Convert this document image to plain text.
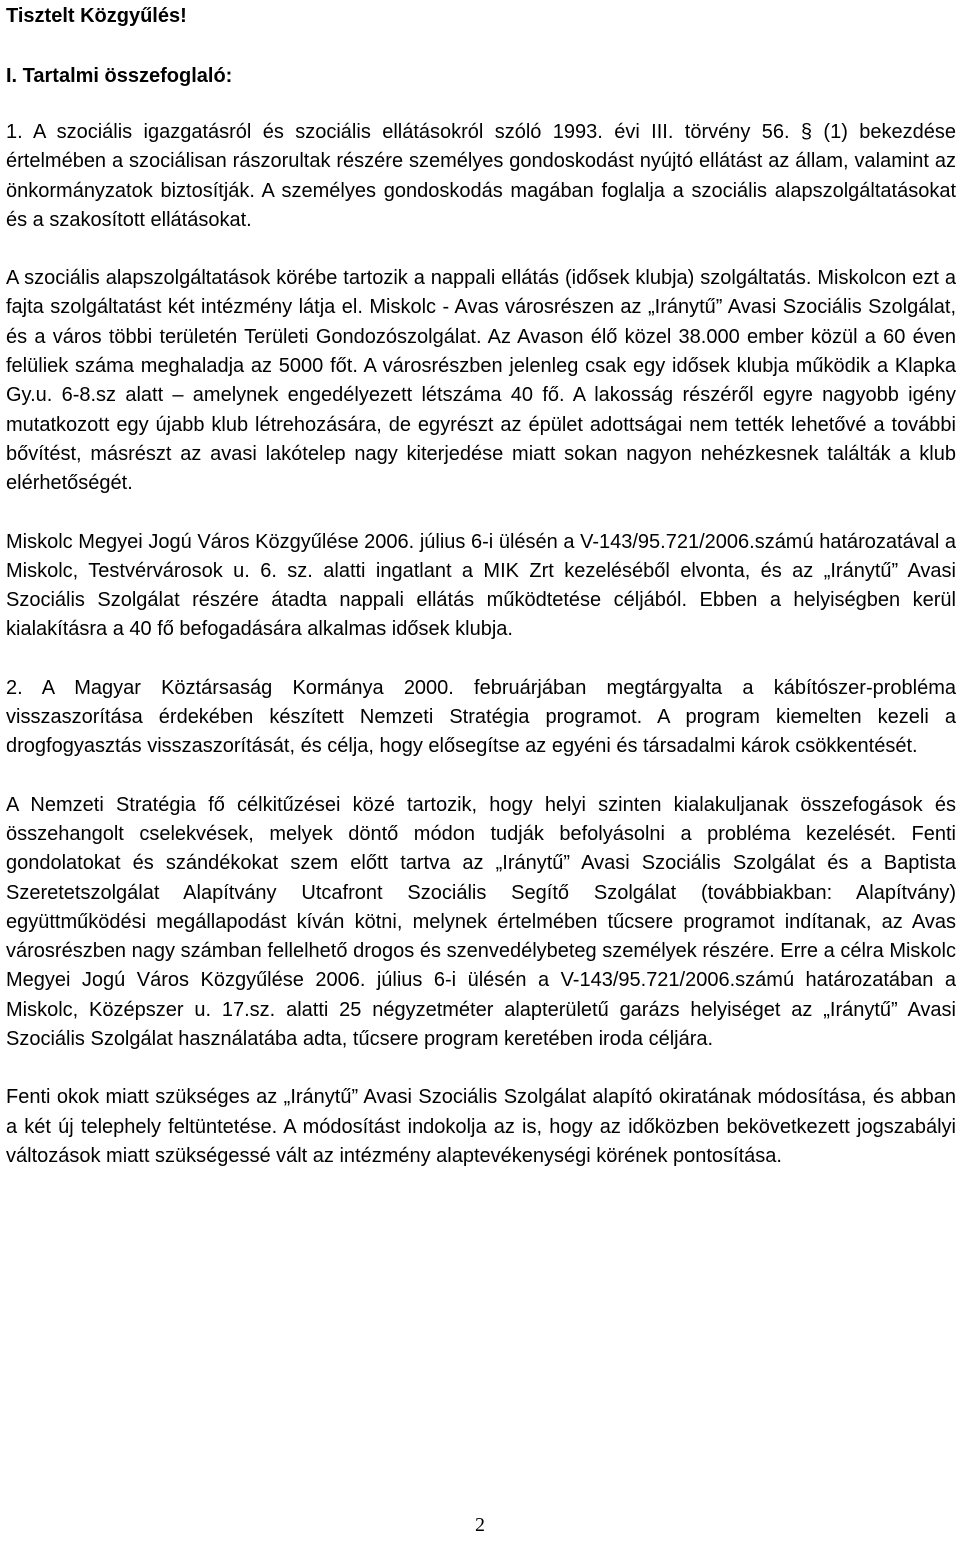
Tisztelt Közgyűlés!

I. Tartalmi összefoglaló:

1. A szociális igazgatásról és szociális ellátásokról szóló 1993. évi III. törvény 56. § (1) bekezdése értelmében a szociálisan rászorultak részére személyes gondoskodást nyújtó ellátást az állam, valamint az önkormányzatok biztosítják. A személyes gondoskodás magában foglalja a szociális alapszolgáltatásokat és a szakosított ellátásokat.

A szociális alapszolgáltatások körébe tartozik a nappali ellátás (idősek klubja) szolgáltatás. Miskolcon ezt a fajta szolgáltatást két intézmény látja el. Miskolc - Avas városrészen az „Iránytű” Avasi Szociális Szolgálat, és a város többi területén Területi Gondozószolgálat. Az Avason élő közel 38.000 ember közül a 60 éven felüliek száma meghaladja az 5000 főt. A városrészben jelenleg csak egy idősek klubja működik a Klapka Gy.u. 6-8.sz alatt – amelynek engedélyezett létszáma 40 fő. A lakosság részéről egyre nagyobb igény mutatkozott egy újabb klub létrehozására, de egyrészt az épület adottságai nem tették lehetővé a további bővítést, másrészt az avasi lakótelep nagy kiterjedése miatt sokan nagyon nehézkesnek találták a klub elérhetőségét.

Miskolc Megyei Jogú Város Közgyűlése 2006. július 6-i ülésén a V-143/95.721/2006.számú határozatával a Miskolc, Testvérvárosok u. 6. sz. alatti ingatlant a MIK Zrt kezeléséből elvonta, és az „Iránytű” Avasi Szociális Szolgálat részére átadta nappali ellátás működtetése céljából. Ebben a helyiségben kerül kialakításra a 40 fő befogadására alkalmas idősek klubja.

2. A Magyar Köztársaság Kormánya 2000. februárjában megtárgyalta a kábítószer-probléma visszaszorítása érdekében készített Nemzeti Stratégia programot. A program kiemelten kezeli a drogfogyasztás visszaszorítását, és célja, hogy elősegítse az egyéni és társadalmi károk csökkentését.

A Nemzeti Stratégia fő célkitűzései közé tartozik, hogy helyi szinten kialakuljanak összefogások és összehangolt cselekvések, melyek döntő módon tudják befolyásolni a probléma kezelését. Fenti gondolatokat és szándékokat szem előtt tartva az „Iránytű” Avasi Szociális Szolgálat és a Baptista Szeretetszolgálat Alapítvány Utcafront Szociális Segítő Szolgálat (továbbiakban: Alapítvány) együttműködési megállapodást kíván kötni, melynek értelmében tűcsere programot indítanak, az Avas városrészben nagy számban fellelhető drogos és szenvedélybeteg személyek részére. Erre a célra Miskolc Megyei Jogú Város Közgyűlése 2006. július 6-i ülésén a V-143/95.721/2006.számú határozatában a Miskolc, Középszer u. 17.sz. alatti 25 négyzetméter alapterületű garázs helyiséget az „Iránytű” Avasi Szociális Szolgálat használatába adta, tűcsere program keretében iroda céljára.

Fenti okok miatt szükséges az „Iránytű” Avasi Szociális Szolgálat alapító okiratának módosítása, és abban a két új telephely feltüntetése. A módosítást indokolja az is, hogy az időközben bekövetkezett jogszabályi változások miatt szükségessé vált az intézmény alaptevékenységi körének pontosítása.

2
